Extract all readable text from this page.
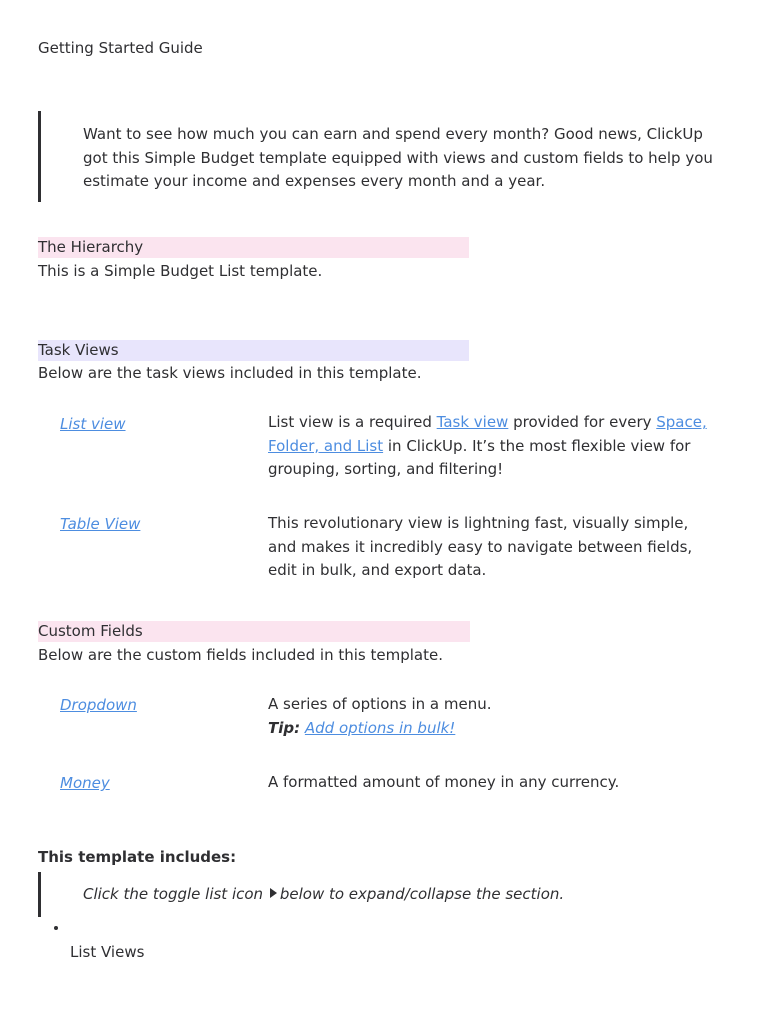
Getting Started Guide

Want to see how much you can earn and spend every month? Good news, ClickUp got this Simple Budget template equipped with views and custom fields to help you estimate your income and expenses every month and a year.

The Hierarchy
This is a Simple Budget List template.
Task Views
Below are the task views included in this template.
List view	List view is a required Task view provided for every Space, Folder, and List in ClickUp. It’s the most flexible view for grouping, sorting, and filtering!
Table View	This revolutionary view is lightning fast, visually simple, and makes it incredibly easy to navigate between fields, edit in bulk, and export data.
Custom Fields
Below are the custom fields included in this template.
Dropdown	A series of options in a menu.
Tip: Add options in bulk!
Money	A formatted amount of money in any currency.
This template includes:

Click the toggle list icon below to expand/collapse the section.

List Views
